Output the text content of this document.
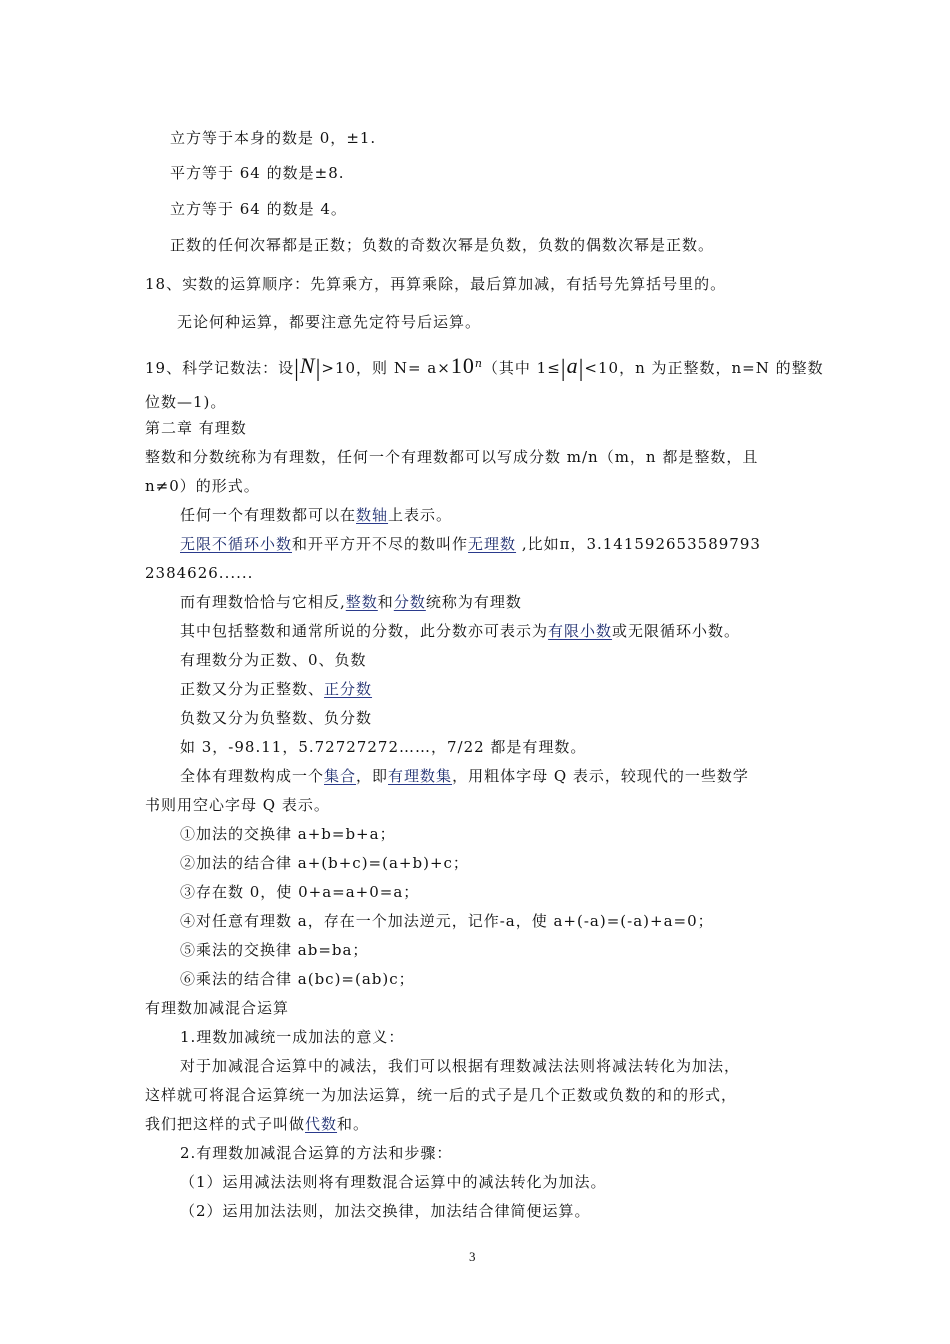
立方等于本身的数是 0，±1.
平方等于 64 的数是±8.
立方等于 64 的数是 4。
正数的任何次幂都是正数；负数的奇数次幂是负数，负数的偶数次幂是正数。
18、实数的运算顺序：先算乘方，再算乘除，最后算加减，有括号先算括号里的。
无论何种运算，都要注意先定符号后运算。
19、科学记数法：设|N|>10，则 $N= a\times 10^n$（其中 1≤|a|<10，n 为正整数，n=N 的整数
位数—1)。
第二章 有理数
整数和分数统称为有理数，任何一个有理数都可以写成分数 m/n（m，n 都是整数，且
n≠0）的形式。
任何一个有理数都可以在数轴上表示。
无限不循环小数和开平方开不尽的数叫作无理数 ,比如π，3.141592653589793
2384626......
而有理数恰恰与它相反,整数和分数统称为有理数
其中包括整数和通常所说的分数，此分数亦可表示为有限小数或无限循环小数。
有理数分为正数、0、负数
正数又分为正整数、正分数
负数又分为负整数、负分数
如 3，-98.11，5.72727272……，7/22 都是有理数。
全体有理数构成一个集合，即有理数集，用粗体字母 Q 表示，较现代的一些数学
书则用空心字母 Q 表示。
①加法的交换律 a+b=b+a；
②加法的结合律 a+(b+c)=(a+b)+c；
③存在数 0，使 0+a=a+0=a；
④对任意有理数 a，存在一个加法逆元，记作-a，使 a+(-a)=(-a)+a=0；
⑤乘法的交换律 ab=ba；
⑥乘法的结合律 a(bc)=(ab)c；
有理数加减混合运算
1.理数加减统一成加法的意义：
对于加减混合运算中的减法，我们可以根据有理数减法法则将减法转化为加法，
这样就可将混合运算统一为加法运算，统一后的式子是几个正数或负数的和的形式，
我们把这样的式子叫做代数和。
2.有理数加减混合运算的方法和步骤：
（1）运用减法法则将有理数混合运算中的减法转化为加法。
（2）运用加法法则，加法交换律，加法结合律简便运算。
3
